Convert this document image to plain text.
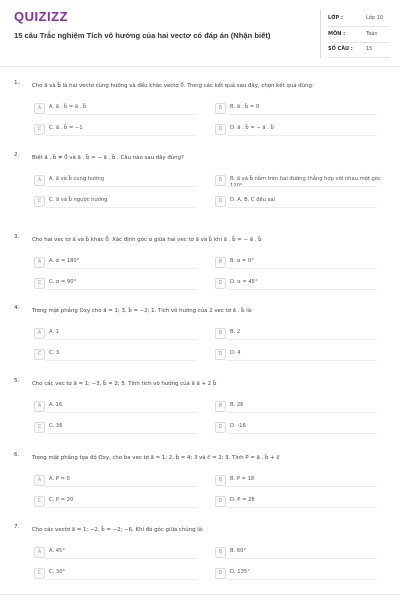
QUIZIZZ
15 câu Trắc nghiệm Tích vô hướng của hai vectơ có đáp án (Nhận biết)
LỚP :	Lớp 10
MÔN :	Toán
SỐ CÂU :	15
1. Cho a⃗ và b⃗ là hai vectơ cùng hướng và đều khác vectơ 0⃗. Trong các kết quả sau đây, chọn kết quả đúng:
A	A. a⃗ . b⃗ = a⃗ . b⃗	B	B. a⃗ . b⃗ = 0
C	C. a⃗ . b⃗ = −1	D	D. a⃗ . b⃗ = − a⃗ . b⃗
2. Biết a⃗ , b⃗ ≠ 0⃗ và a⃗ . b⃗ = − a⃗ . b⃗ . Câu nào sau đây đúng?
A	A. a⃗ và b⃗ cùng hướng	B	B. a⃗ và b⃗ nằm trên hai đường thẳng hợp với nhau một góc
C	C. a⃗ và b⃗ ngược hướng	D	D. A, B, C đều sai
3. Cho hai vec tơ a⃗ và b⃗ khác 0⃗. Xác định góc α giữa hai vec tơ a⃗ và b⃗ khi a⃗ . b⃗ = − a⃗ . b⃗
A	A. α = 180°	B	B. α = 0°
C	C. α = 90°	D	D. α = 45°
4. Trong mặt phẳng Oxy cho a⃗ = 1; 3, b⃗ = −2; 1. Tích vô hướng của 2 vec tơ a⃗ . b⃗ là:
A	A. 1	B	B. 2
C	C. 3	D	D. 4
5. Cho các vec tơ a⃗ = 1; −3, b⃗ = 2; 5. Tính tích vô hướng của a⃗ a⃗ + 2 b⃗
A	A. 16	B	B. 26
C	C. 36	D	D. -16
6. Trong mặt phẳng tọa độ Oxy, cho ba vec tơ a⃗ = 1; 2, b⃗ = 4; 3 và c⃗ = 2; 3. Tính P = a⃗ . b⃗ + c⃗
A	A. P = 0	B	B. P = 18
C	C. P = 20	D	D. P = 28
7. Cho các vectơ a⃗ = 1; −2, b⃗ = −2; −6. Khi đó góc giữa chúng là:
A	A. 45°	B	B. 60°
C	C. 30°	D	D. 135°
